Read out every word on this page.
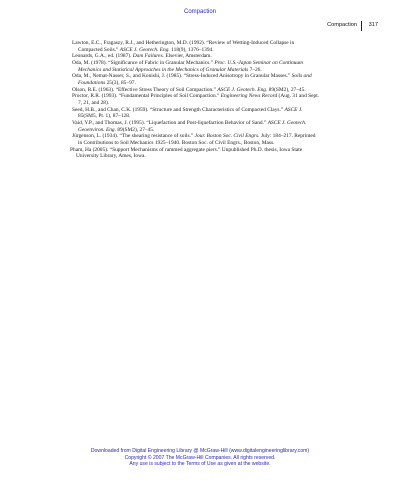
Compaction
Compaction 317
Lawton, E.C., Fragaszy, R.J., and Hetherington, M.D. (1992). “Review of Wetting-Induced Collapse in Compacted Soils.” ASCE J. Geotech. Eng. 118(9), 1376–1394.
Leonards, G.A., ed. (1987). Dam Failures. Elsevier, Amsterdam.
Oda, M. (1978). “Significance of Fabric in Granular Mechanics.” Proc. U.S.-Japan Seminar on Continuum Mechanics and Statistical Approaches in the Mechanics of Granular Materials 7–26.
Oda, M., Nemat-Nasser, S., and Konishi, J. (1985). “Stress-Induced Anisotropy in Granular Masses.” Soils and Foundations 25(3), 85–97.
Olson, R.E. (1963). “Effective Stress Theory of Soil Compaction.” ASCE J. Geotech. Eng. 89(SM2), 27–45.
Proctor, R.R. (1993). “Fundamental Principles of Soil Compaction.” Engineering News Record (Aug. 31 and Sept. 7, 21, and 28).
Seed, H.B., and Chan, C.K. (1959). “Structure and Strength Characteristics of Compacted Clays.” ASCE J. 85(SM5, Pt. 1), 87–128.
Vaid, Y.P., and Thomas, J. (1995). “Liquefaction and Post-liquefaction Behavior of Sand.” ASCE J. Geotech. Geoenviron. Eng. 89(SM2), 27–45.
Jürgenson, L. (1934). “The shearing resistance of soils.” Jour. Boston Soc. Civil Engrs. July: 184–217. Reprinted in Contributions to Soil Mechanics 1925–1940. Boston Soc. of Civil Engrs., Boston, Mass.
Pham, Ha (2005). “Support Mechanisms of rammed aggregate piers.” Unpublished Ph.D. thesis, Iowa State University Library, Ames, Iowa.
Downloaded from Digital Engineering Library @ McGraw-Hill (www.digitalengineeringlibrary.com)
Copyright © 2007 The McGraw-Hill Companies. All rights reserved.
Any use is subject to the Terms of Use as given at the website.
